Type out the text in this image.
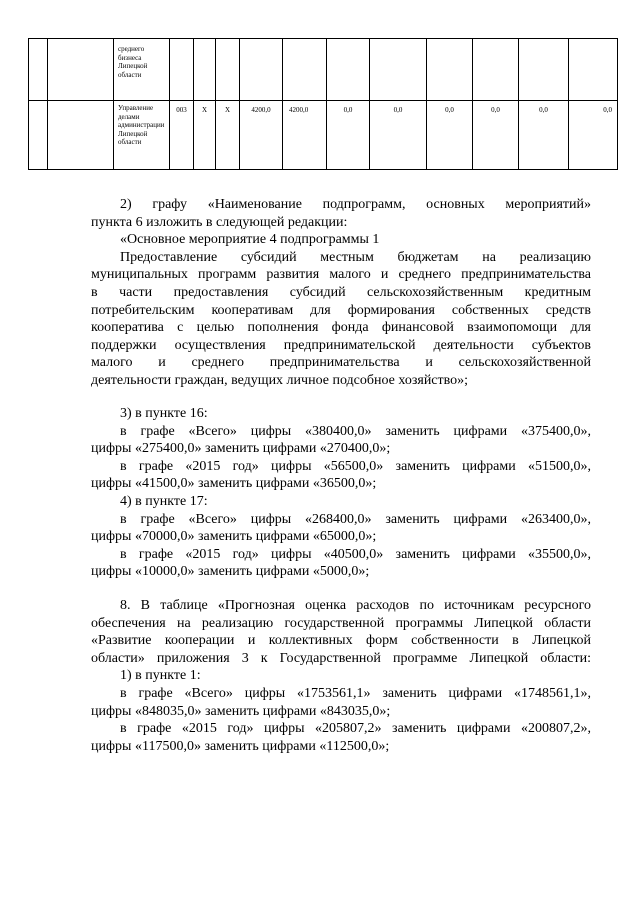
		среднего бизнеса Липецкой области											
		Управление делами администрации Липецкой области	003	X	X	4200,0	4200,0	0,0	0,0	0,0	0,0	0,0	0,0
2) графу «Наименование подпрограмм, основных мероприятий»
пункта 6 изложить в следующей редакции:
«Основное мероприятие 4 подпрограммы 1
Предоставление субсидий местным бюджетам на реализацию
муниципальных программ развития малого и среднего предпринимательства
в части предоставления субсидий сельскохозяйственным кредитным
потребительским кооперативам для формирования собственных средств
кооператива с целью пополнения фонда финансовой взаимопомощи для
поддержки осуществления предпринимательской деятельности субъектов
малого и среднего предпринимательства и сельскохозяйственной
деятельности граждан, ведущих личное подсобное хозяйство»;
3) в пункте 16:
в графе «Всего» цифры «380400,0» заменить цифрами «375400,0»,
цифры «275400,0» заменить цифрами «270400,0»;
в графе «2015 год» цифры «56500,0» заменить цифрами «51500,0»,
цифры «41500,0» заменить цифрами «36500,0»;
4) в пункте 17:
в графе «Всего» цифры «268400,0» заменить цифрами «263400,0»,
цифры «70000,0» заменить цифрами «65000,0»;
в графе «2015 год» цифры «40500,0» заменить цифрами «35500,0»,
цифры «10000,0» заменить цифрами «5000,0»;
8. В таблице «Прогнозная оценка расходов по источникам ресурсного
обеспечения на реализацию государственной программы Липецкой области
«Развитие кооперации и коллективных форм собственности в Липецкой
области» приложения 3 к Государственной программе Липецкой области:
1) в пункте 1:
в графе «Всего» цифры «1753561,1» заменить цифрами «1748561,1»,
цифры «848035,0» заменить цифрами «843035,0»;
в графе «2015 год» цифры «205807,2» заменить цифрами «200807,2»,
цифры «117500,0» заменить цифрами «112500,0»;
